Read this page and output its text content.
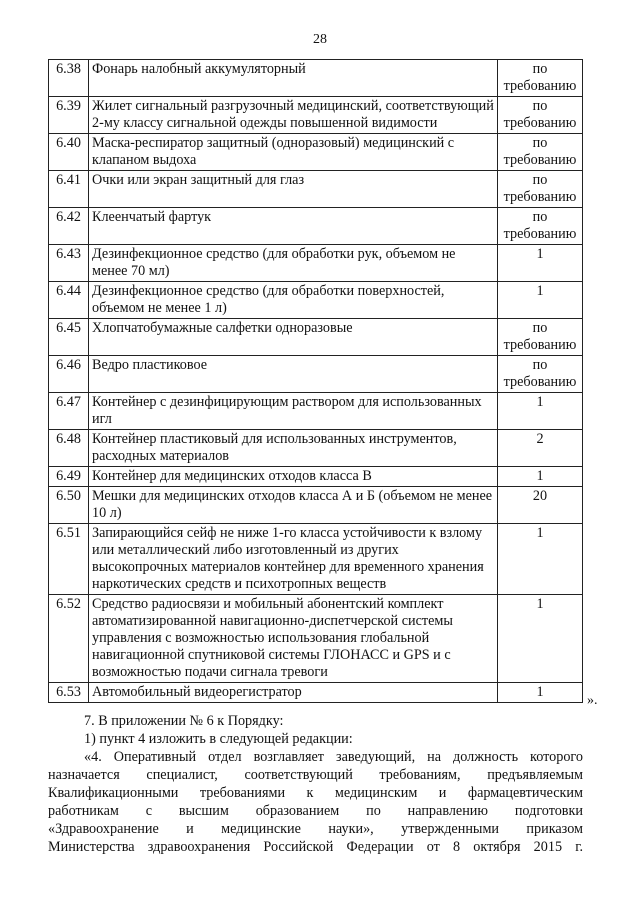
28
6.38	Фонарь налобный аккумуляторный	по требованию
6.39	Жилет сигнальный разгрузочный медицинский, соответствующий 2-му классу сигнальной одежды повышенной видимости	по требованию
6.40	Маска-респиратор защитный (одноразовый) медицинский с клапаном выдоха	по требованию
6.41	Очки или экран защитный для глаз	по требованию
6.42	Клеенчатый фартук	по требованию
6.43	Дезинфекционное средство (для обработки рук, объемом не менее 70 мл)	1
6.44	Дезинфекционное средство (для обработки поверхностей, объемом не менее 1 л)	1
6.45	Хлопчатобумажные салфетки одноразовые	по требованию
6.46	Ведро пластиковое	по требованию
6.47	Контейнер с дезинфицирующим раствором для использованных игл	1
6.48	Контейнер пластиковый для использованных инструментов, расходных материалов	2
6.49	Контейнер для медицинских отходов класса В	1
6.50	Мешки для медицинских отходов класса А и Б (объемом не менее 10 л)	20
6.51	Запирающийся сейф не ниже 1-го класса устойчивости к взлому или металлический либо изготовленный из других высокопрочных материалов контейнер для временного хранения наркотических средств и психотропных веществ	1
6.52	Средство радиосвязи и мобильный абонентский комплект автоматизированной навигационно-диспетчерской системы управления с возможностью использования глобальной навигационной спутниковой системы ГЛОНАСС и GPS и с возможностью подачи сигнала тревоги	1
6.53	Автомобильный видеорегистратор	1
».

7. В приложении № 6 к Порядку:

1) пункт 4 изложить в следующей редакции:

«4. Оперативный отдел возглавляет заведующий, на должность которого
назначается специалист, соответствующий требованиям, предъявляемым
Квалификационными требованиями к медицинским и фармацевтическим
работникам с высшим образованием по направлению подготовки
«Здравоохранение и медицинские науки», утвержденными приказом
Министерства здравоохранения Российской Федерации от 8 октября 2015 г.
